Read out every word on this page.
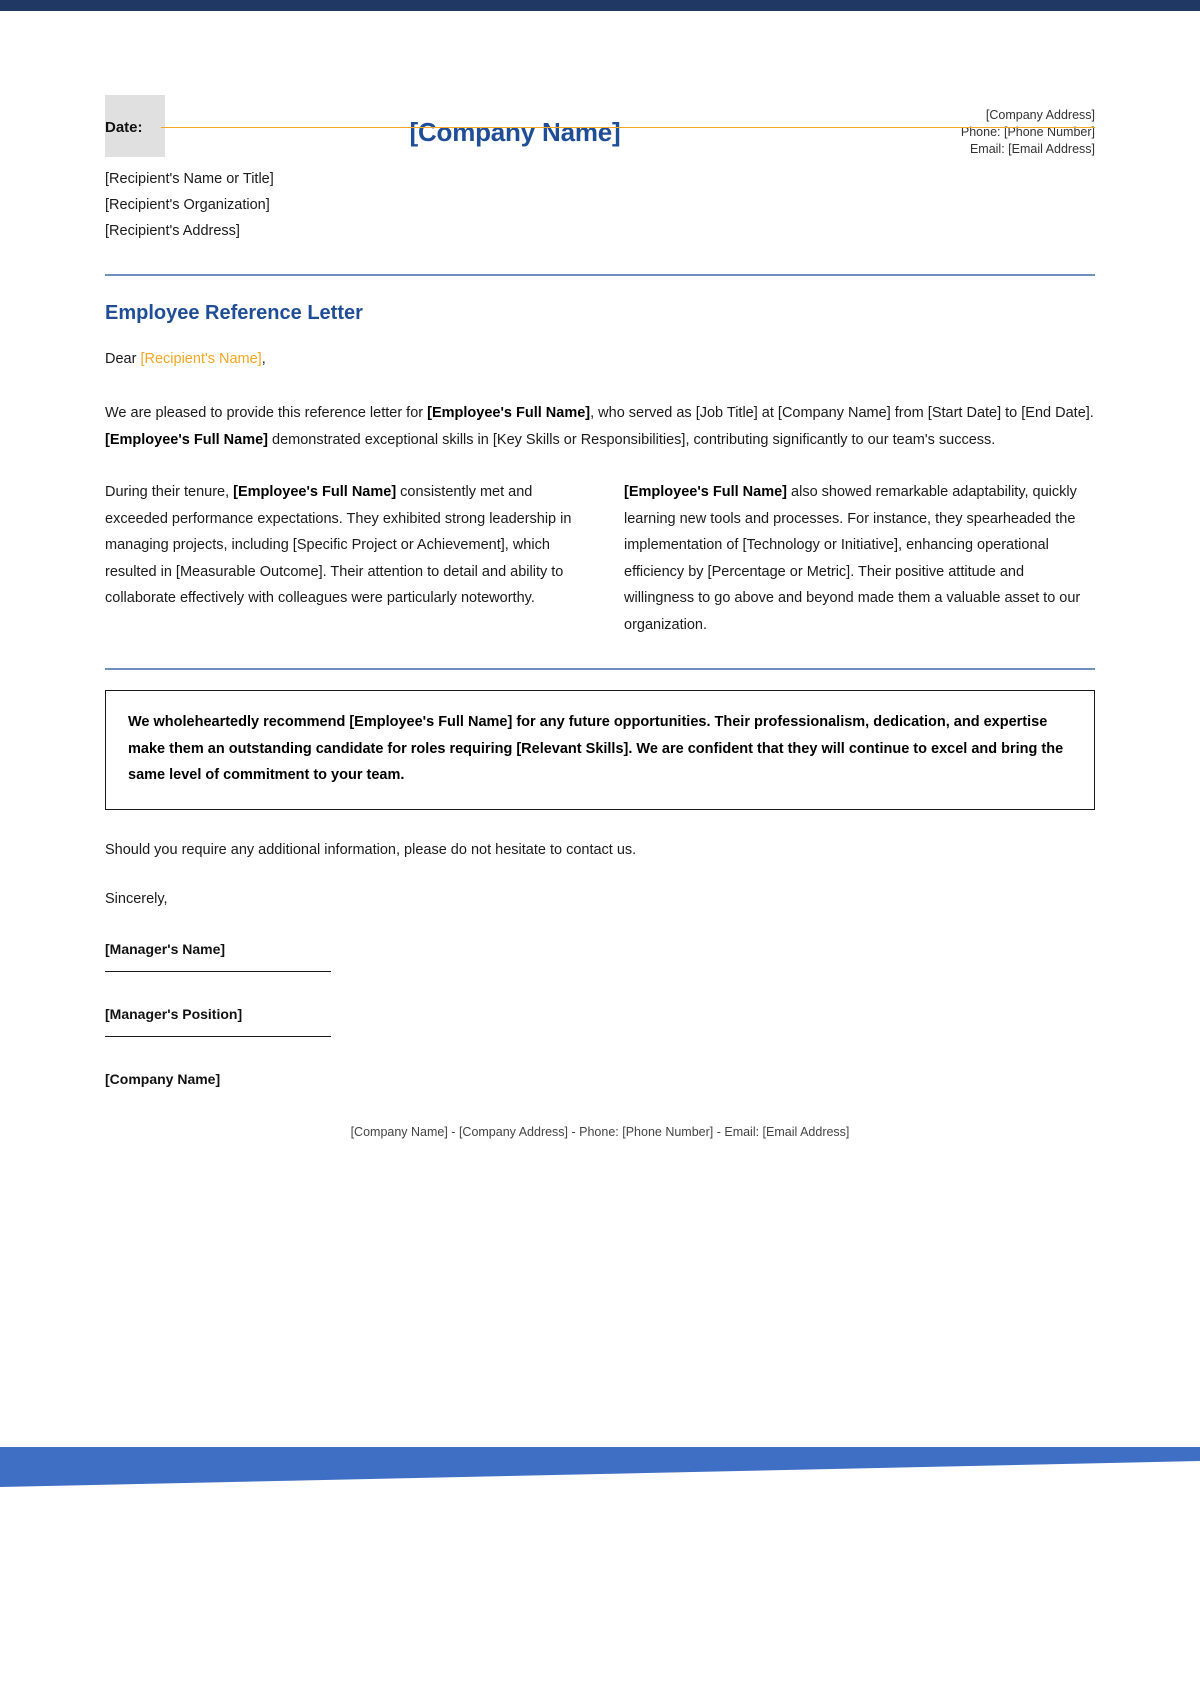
[Company Name]
[Company Address]
Phone: [Phone Number]
Email: [Email Address]
Date:
[Recipient's Name or Title]
[Recipient's Organization]
[Recipient's Address]
Employee Reference Letter
Dear [Recipient's Name],
We are pleased to provide this reference letter for [Employee's Full Name], who served as [Job Title] at [Company Name] from [Start Date] to [End Date]. [Employee's Full Name] demonstrated exceptional skills in [Key Skills or Responsibilities], contributing significantly to our team's success.
During their tenure, [Employee's Full Name] consistently met and exceeded performance expectations. They exhibited strong leadership in managing projects, including [Specific Project or Achievement], which resulted in [Measurable Outcome]. Their attention to detail and ability to collaborate effectively with colleagues were particularly noteworthy.
[Employee's Full Name] also showed remarkable adaptability, quickly learning new tools and processes. For instance, they spearheaded the implementation of [Technology or Initiative], enhancing operational efficiency by [Percentage or Metric]. Their positive attitude and willingness to go above and beyond made them a valuable asset to our organization.
We wholeheartedly recommend [Employee's Full Name] for any future opportunities. Their professionalism, dedication, and expertise make them an outstanding candidate for roles requiring [Relevant Skills]. We are confident that they will continue to excel and bring the same level of commitment to your team.
Should you require any additional information, please do not hesitate to contact us.
Sincerely,
[Manager's Name]
[Manager's Position]
[Company Name]
[Company Name] - [Company Address] - Phone: [Phone Number] - Email: [Email Address]
